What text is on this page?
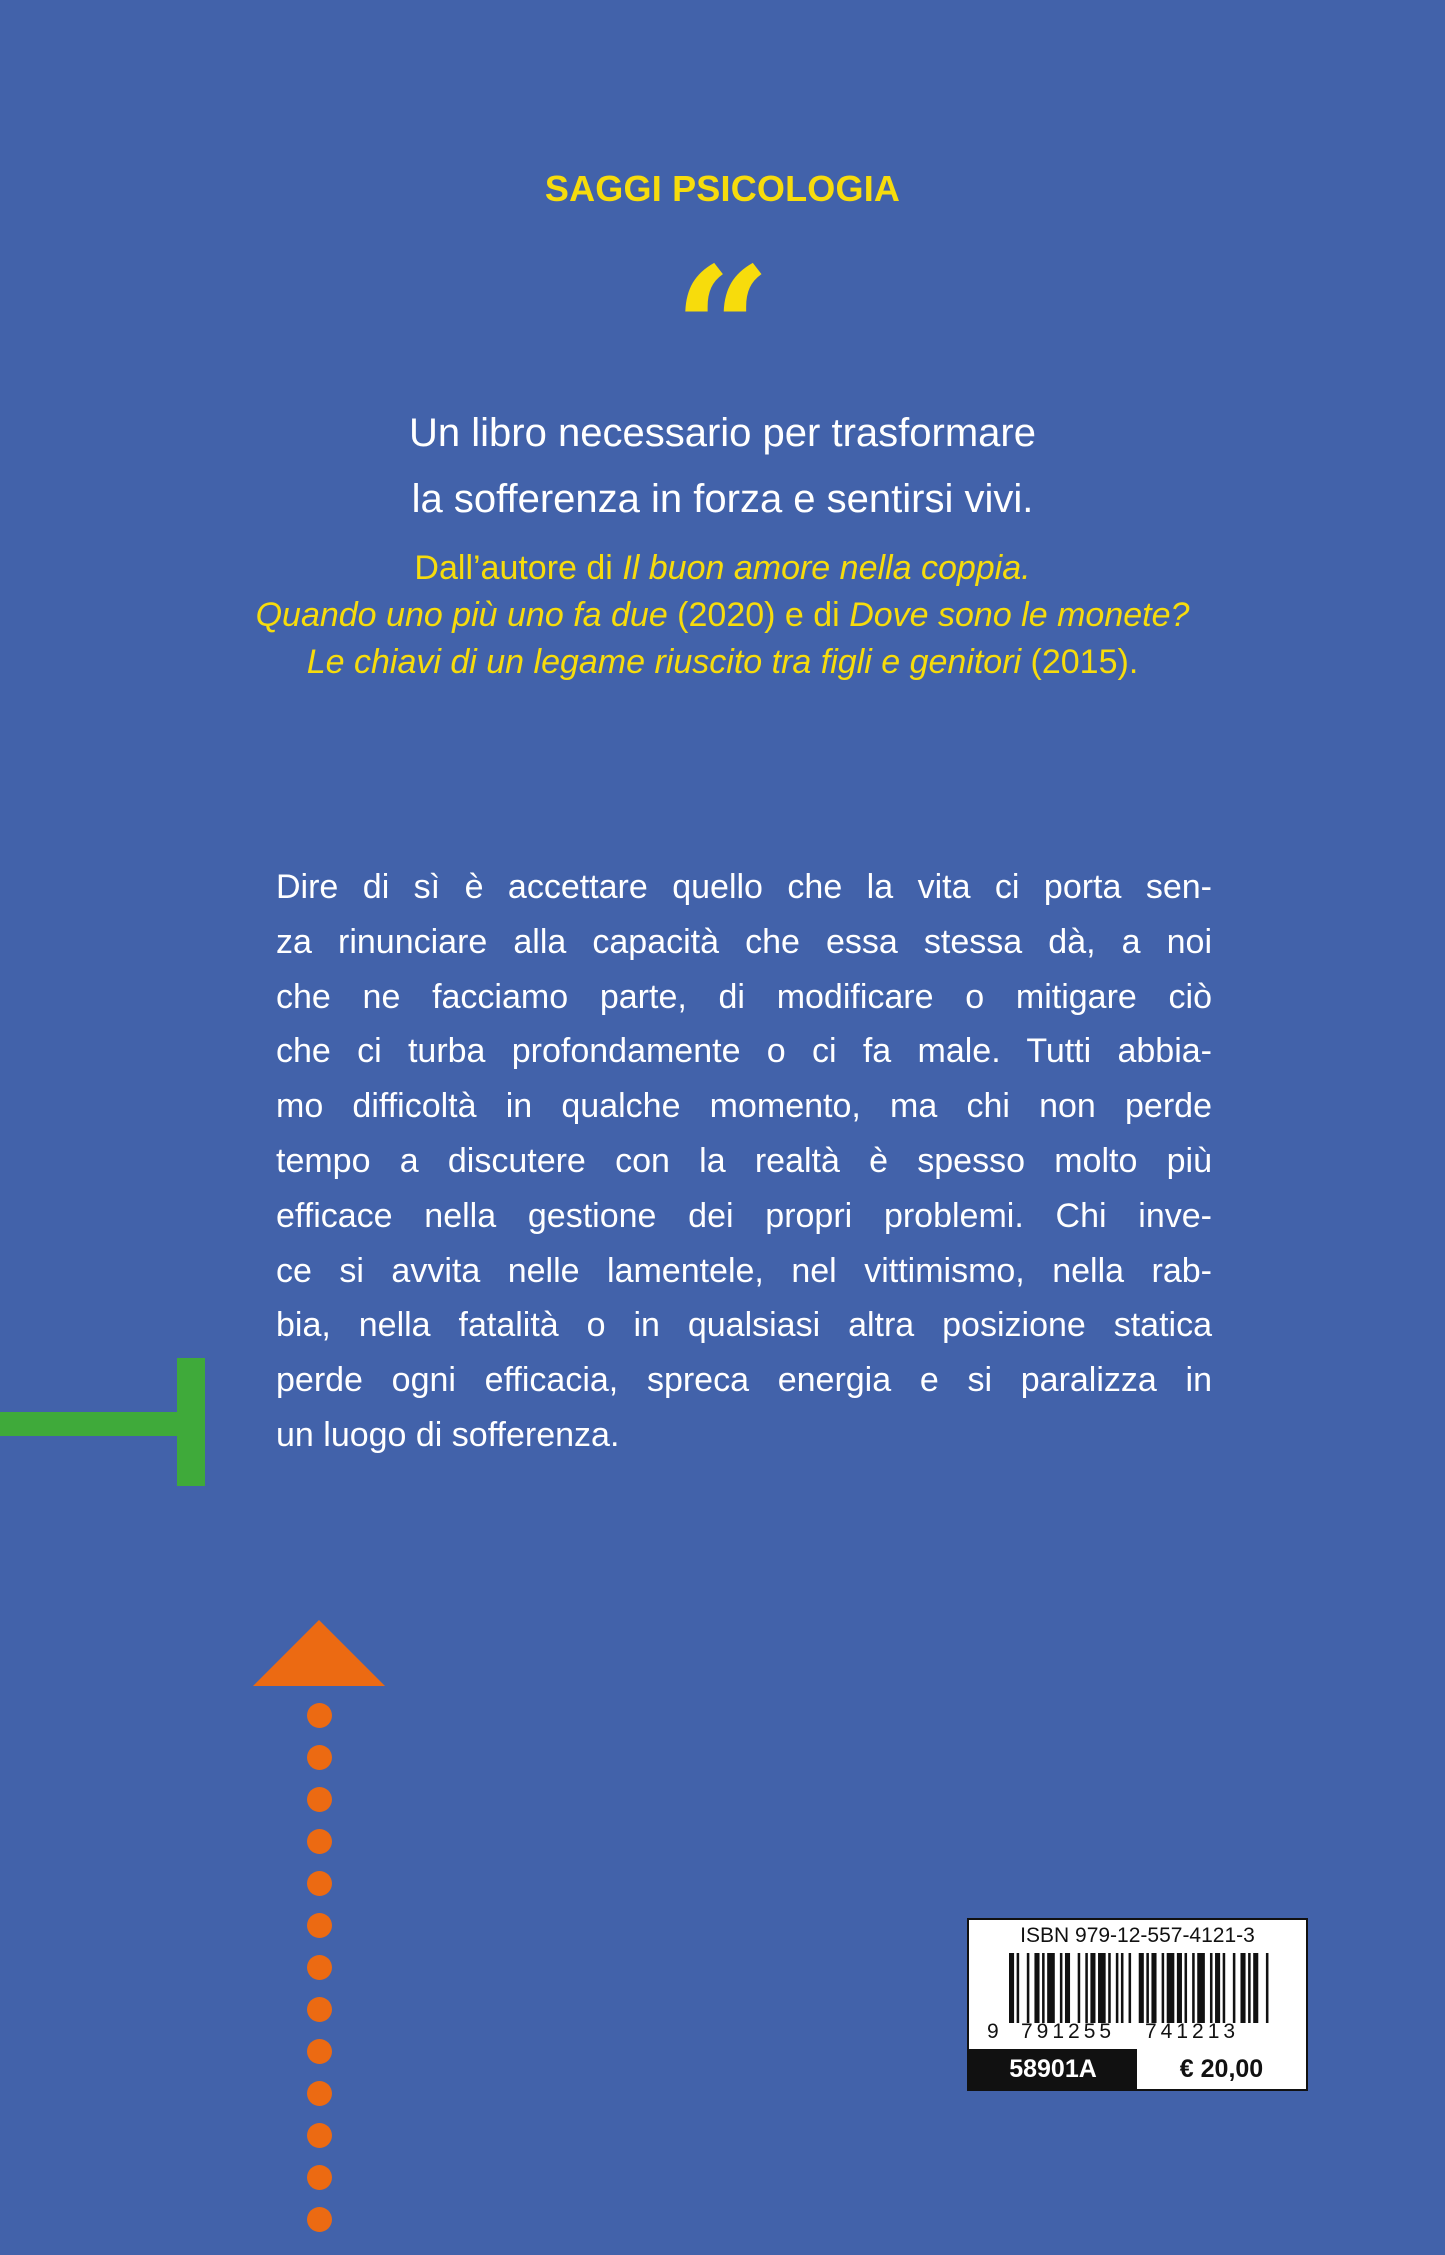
SAGGI PSICOLOGIA
“
Un libro necessario per trasformare
la sofferenza in forza e sentirsi vivi.
Dall’autore di Il buon amore nella coppia.
Quando uno più uno fa due (2020) e di Dove sono le monete?
Le chiavi di un legame riuscito tra figli e genitori (2015).
Dire di sì è accettare quello che la vita ci porta sen-
za rinunciare alla capacità che essa stessa dà, a noi
che ne facciamo parte, di modificare o mitigare ciò
che ci turba profondamente o ci fa male. Tutti abbia-
mo difficoltà in qualche momento, ma chi non perde
tempo a discutere con la realtà è spesso molto più
efficace nella gestione dei propri problemi. Chi inve-
ce si avvita nelle lamentele, nel vittimismo, nella rab-
bia, nella fatalità o in qualsiasi altra posizione statica
perde ogni efficacia, spreca energia e si paralizza in
un luogo di sofferenza.
ISBN 979-12-557-4121-3
9 791255 741213
58901A	€ 20,00
